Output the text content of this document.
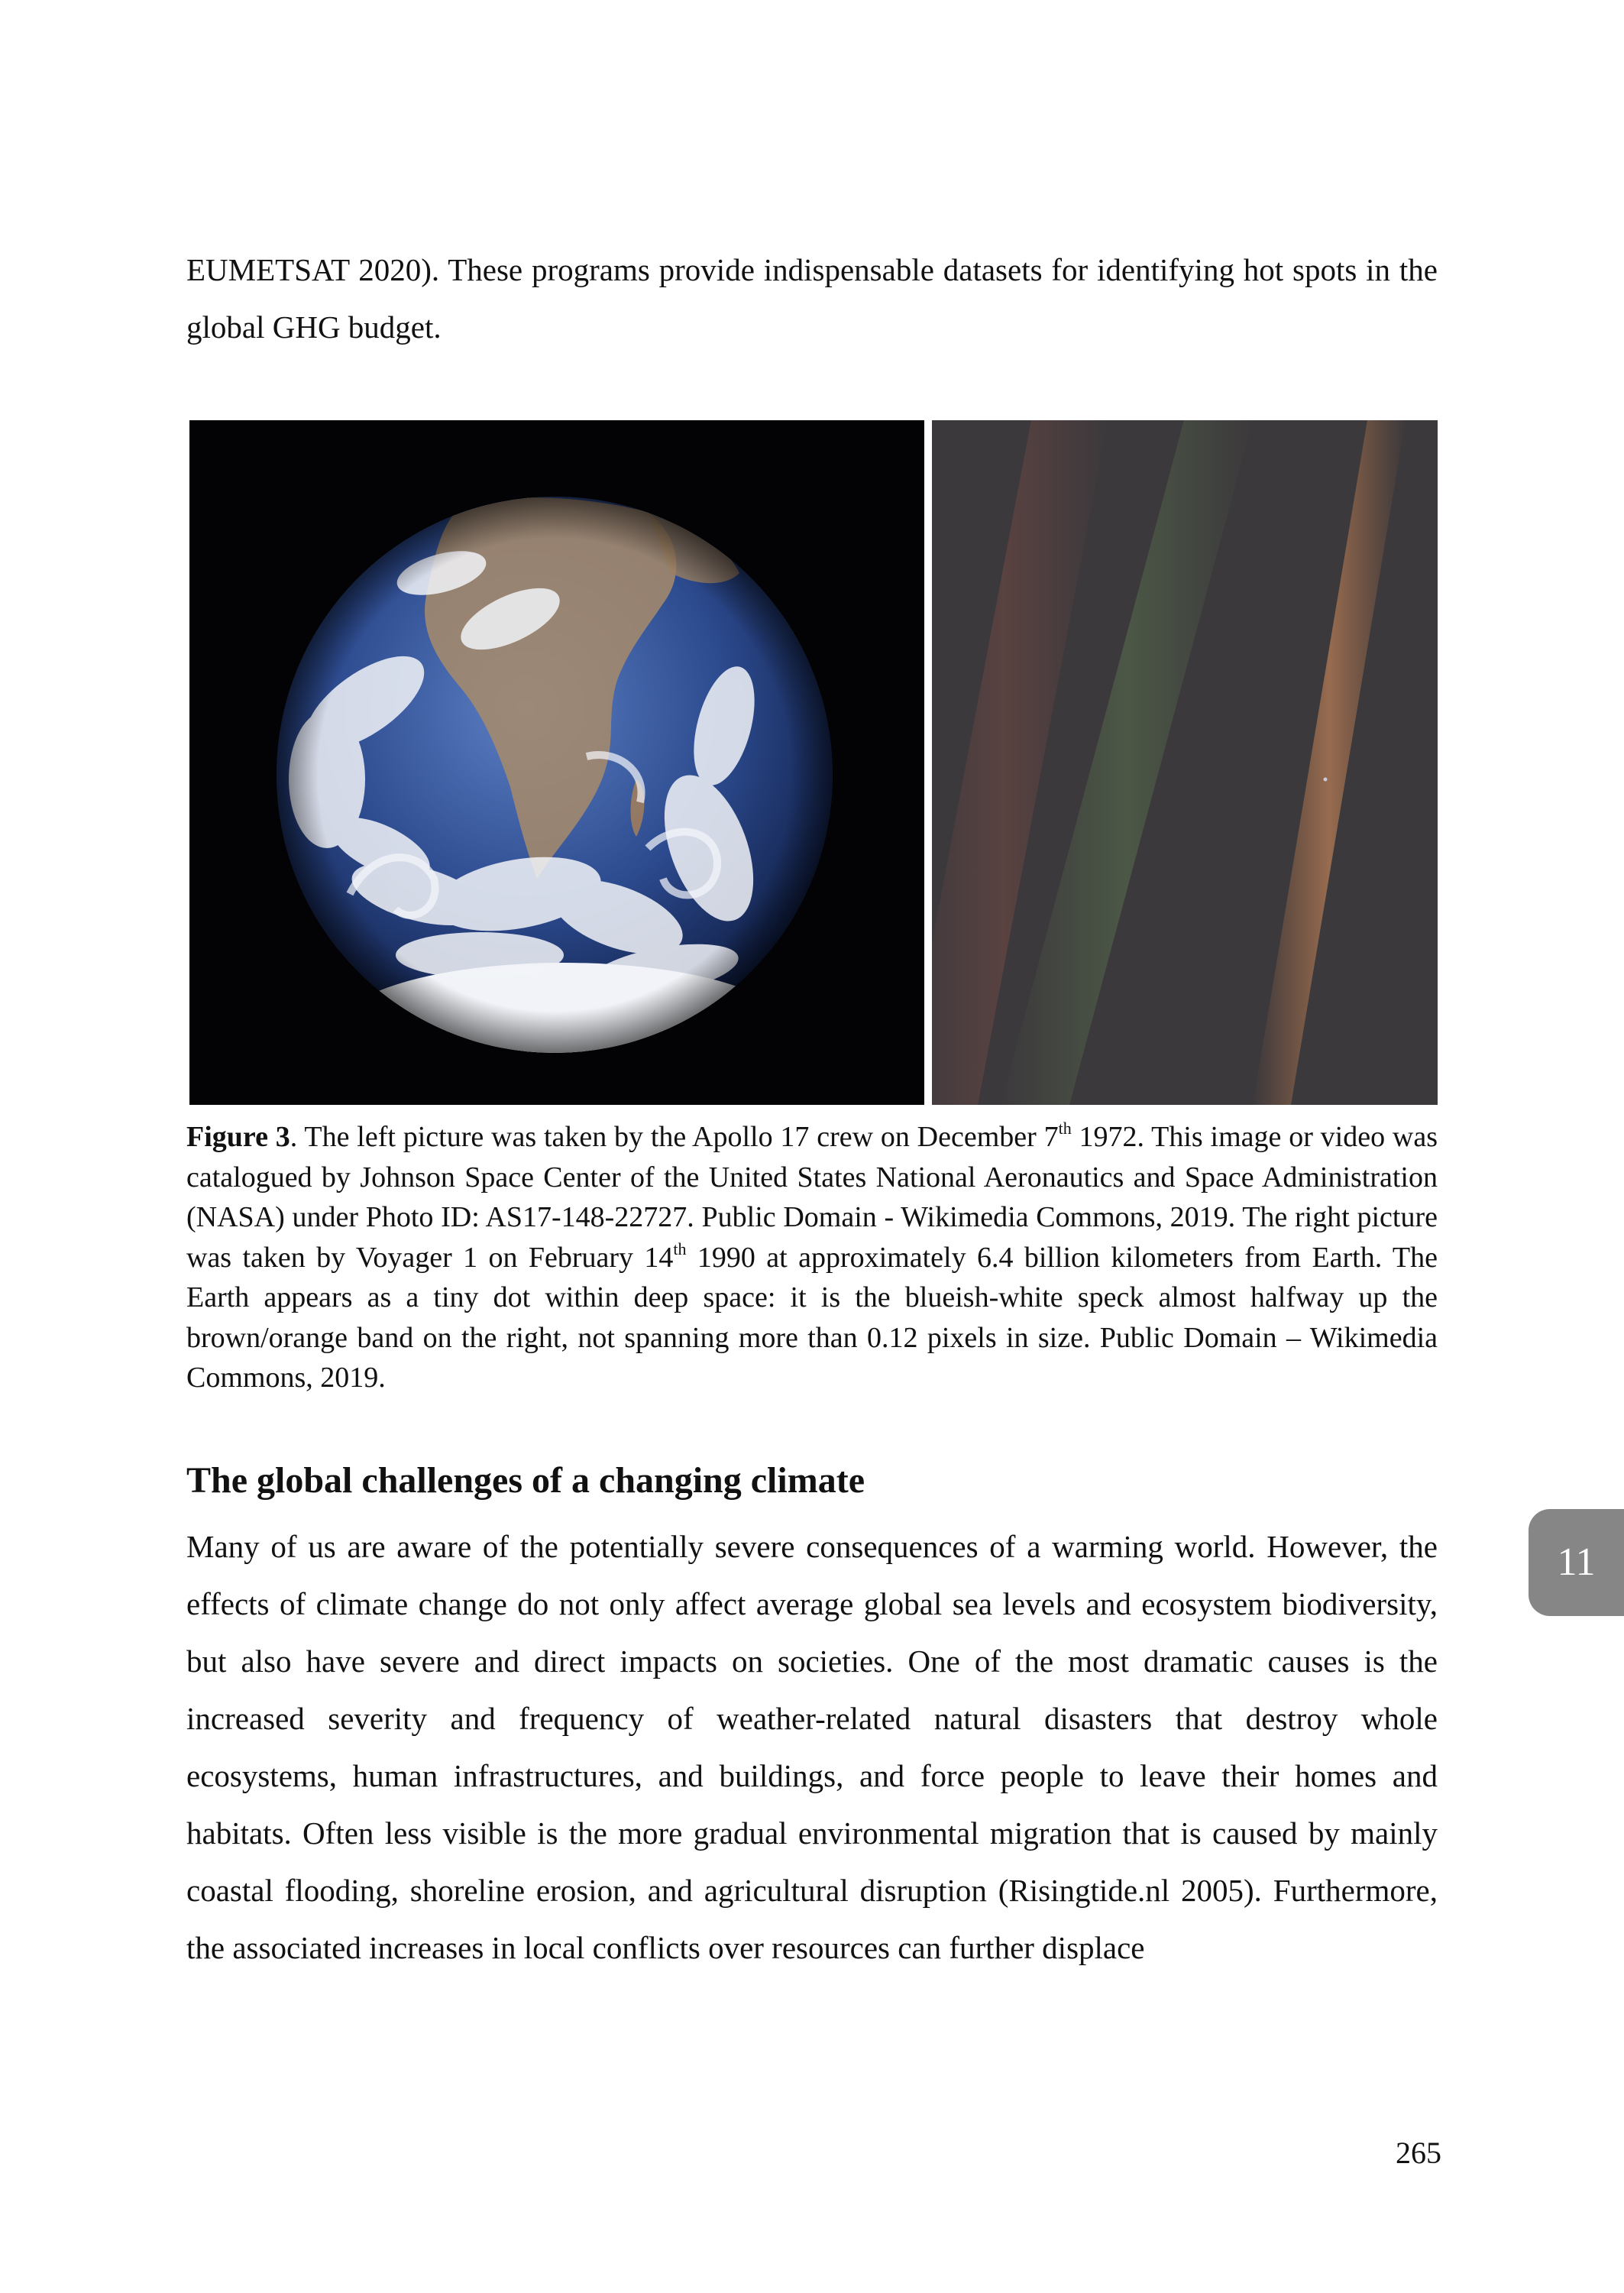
EUMETSAT 2020). These programs provide indispensable datasets for identifying hot spots in the global GHG budget.

Figure 3. The left picture was taken by the Apollo 17 crew on December 7th 1972. This image or video was catalogued by Johnson Space Center of the United States National Aeronautics and Space Administration (NASA) under Photo ID: AS17-148-22727. Public Domain - Wikimedia Commons, 2019. The right picture was taken by Voyager 1 on February 14th 1990 at approximately 6.4 billion kilometers from Earth. The Earth appears as a tiny dot within deep space: it is the blueish-white speck almost halfway up the brown/orange band on the right, not spanning more than 0.12 pixels in size. Public Domain – Wikimedia Commons, 2019.

The global challenges of a changing climate

Many of us are aware of the potentially severe consequences of a warming world. However, the effects of climate change do not only affect average global sea levels and ecosystem biodiversity, but also have severe and direct impacts on societies. One of the most dramatic causes is the increased severity and frequency of weather-related natural disasters that destroy whole ecosystems, human infrastructures, and buildings, and force people to leave their homes and habitats. Often less visible is the more gradual environmental migration that is caused by mainly coastal flooding, shoreline erosion, and agricultural disruption (Risingtide.nl 2005). Furthermore, the associated increases in local conflicts over resources can further displace

11
265
